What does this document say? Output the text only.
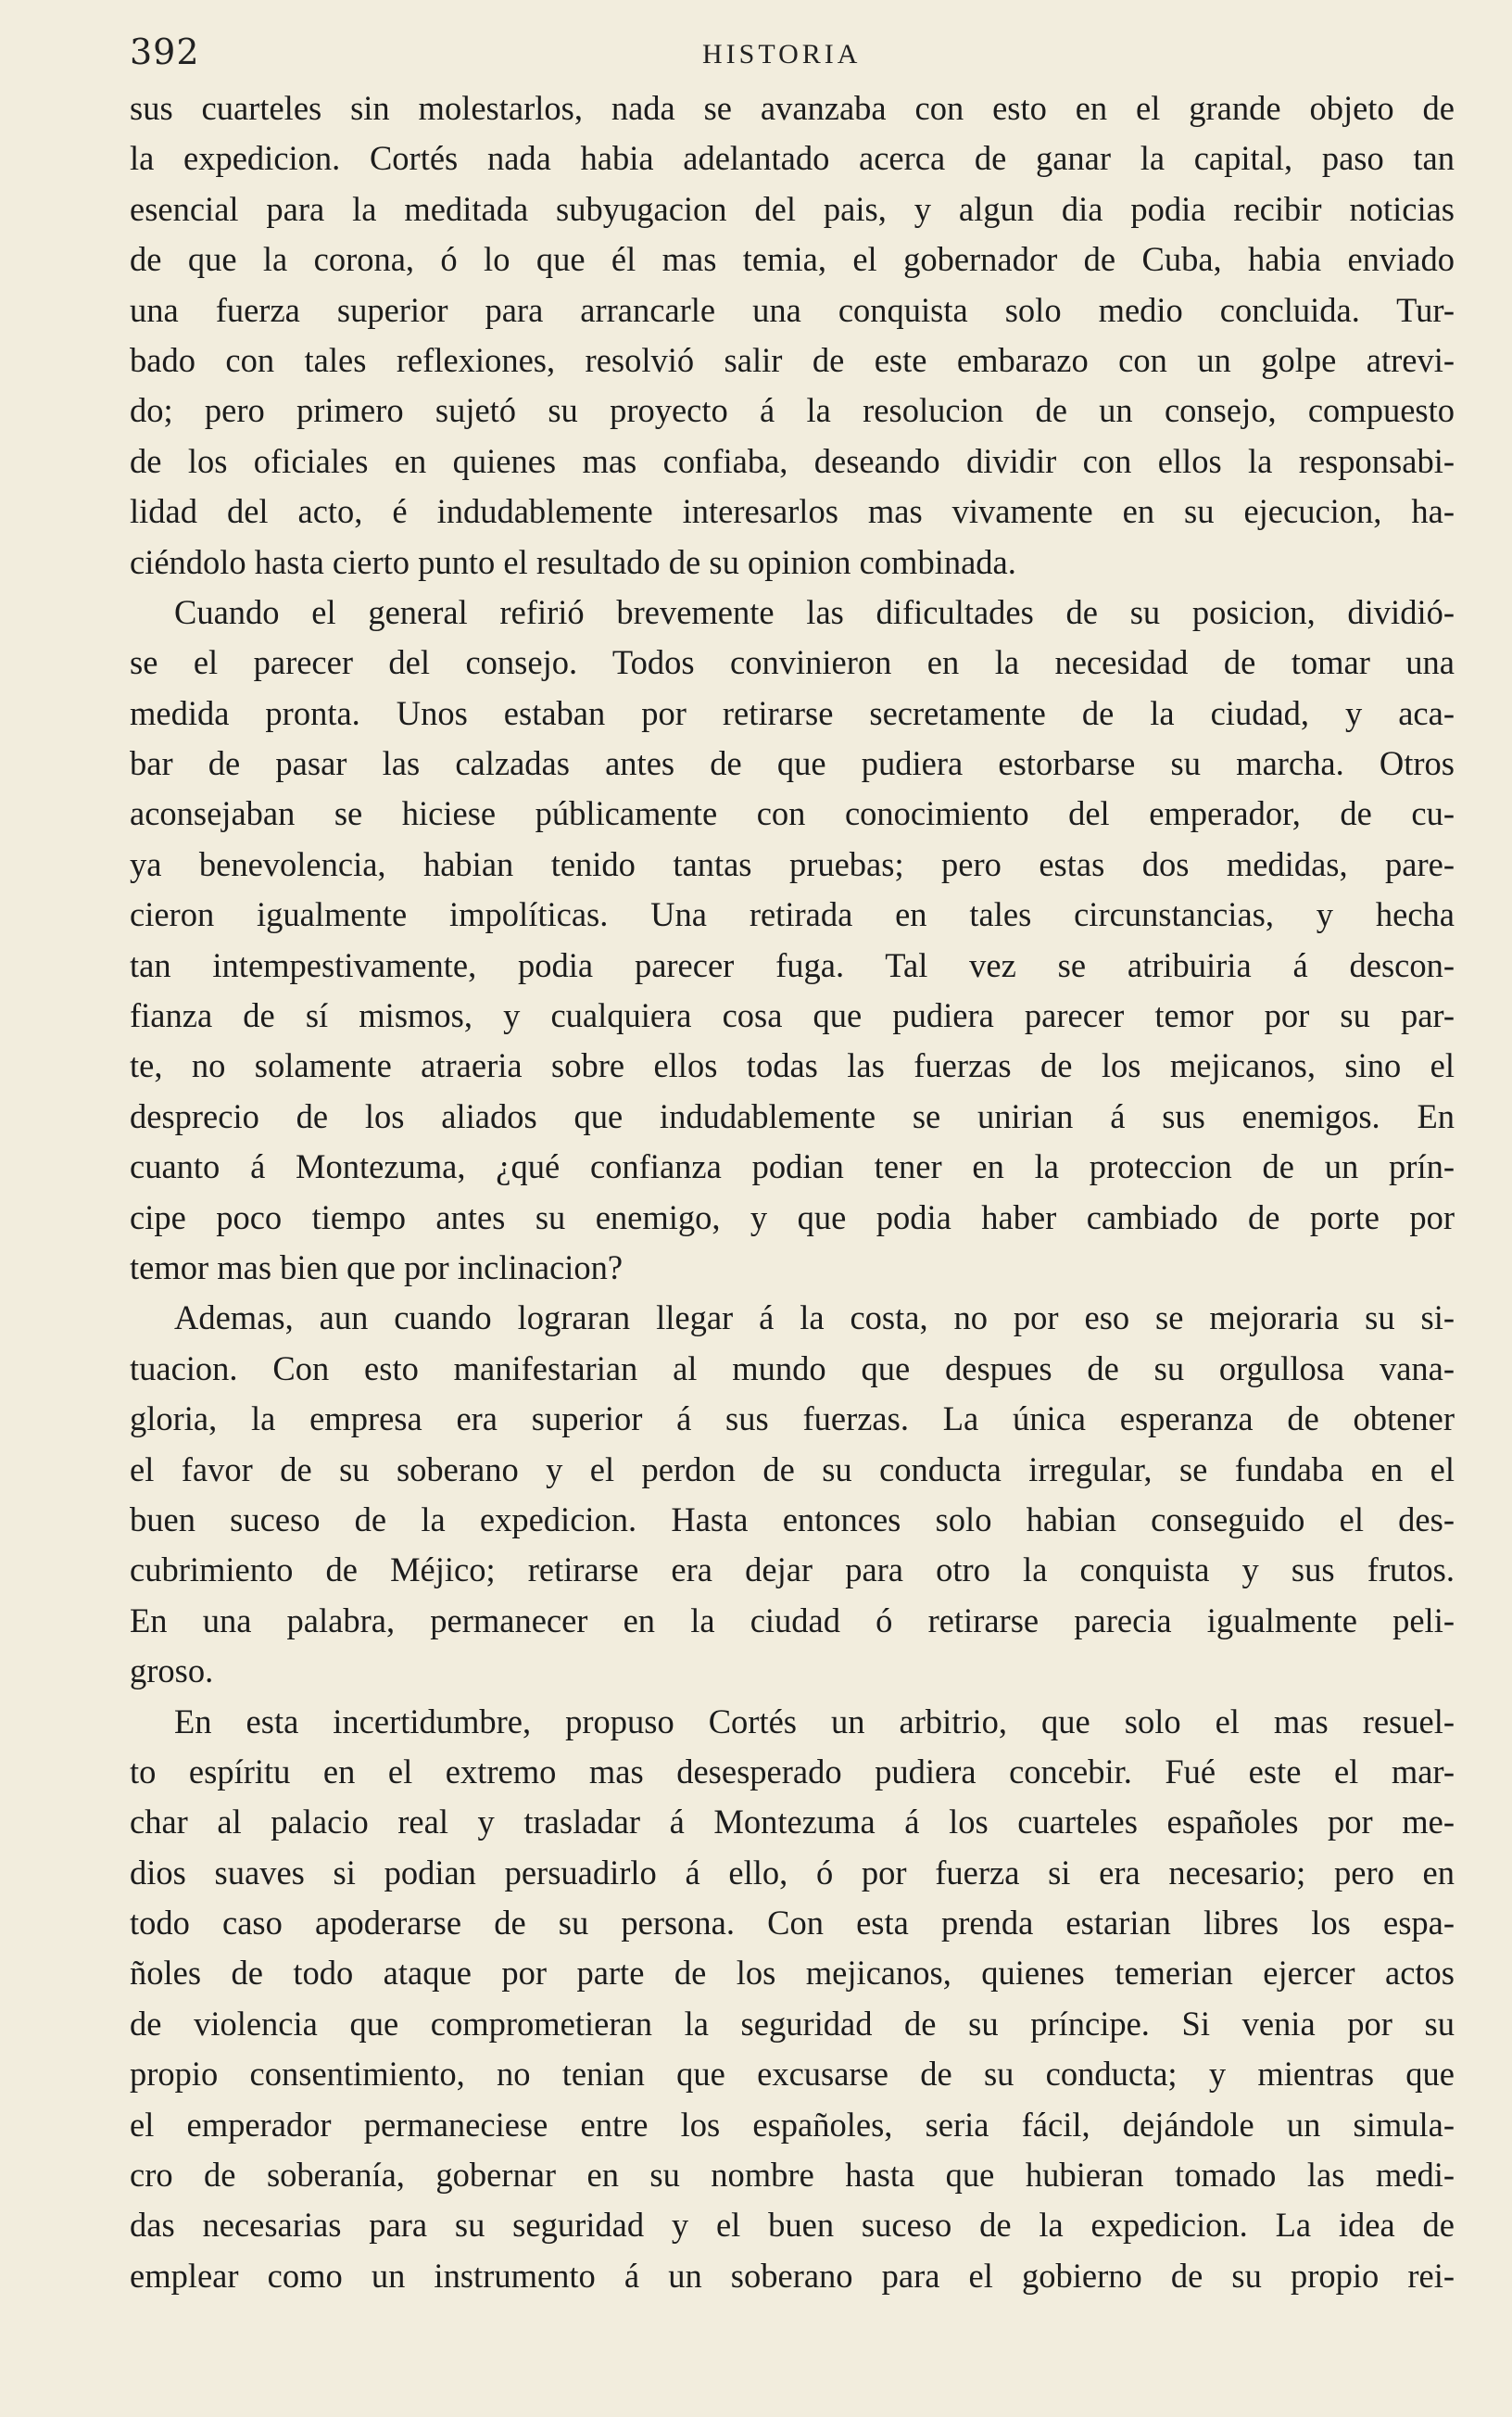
392	HISTORIA
sus cuarteles sin molestarlos, nada se avanzaba con esto en el grande objeto de
la expedicion. Cortés nada habia adelantado acerca de ganar la capital, paso tan
esencial para la meditada subyugacion del pais, y algun dia podia recibir noticias
de que la corona, ó lo que él mas temia, el gobernador de Cuba, habia enviado
una fuerza superior para arrancarle una conquista solo medio concluida. Tur-
bado con tales reflexiones, resolvió salir de este embarazo con un golpe atrevi-
do; pero primero sujetó su proyecto á la resolucion de un consejo, compuesto
de los oficiales en quienes mas confiaba, deseando dividir con ellos la responsabi-
lidad del acto, é indudablemente interesarlos mas vivamente en su ejecucion, ha-
ciéndolo hasta cierto punto el resultado de su opinion combinada.
Cuando el general refirió brevemente las dificultades de su posicion, dividió-
se el parecer del consejo. Todos convinieron en la necesidad de tomar una
medida pronta. Unos estaban por retirarse secretamente de la ciudad, y aca-
bar de pasar las calzadas antes de que pudiera estorbarse su marcha. Otros
aconsejaban se hiciese públicamente con conocimiento del emperador, de cu-
ya benevolencia, habian tenido tantas pruebas; pero estas dos medidas, pare-
cieron igualmente impolíticas. Una retirada en tales circunstancias, y hecha
tan intempestivamente, podia parecer fuga. Tal vez se atribuiria á descon-
fianza de sí mismos, y cualquiera cosa que pudiera parecer temor por su par-
te, no solamente atraeria sobre ellos todas las fuerzas de los mejicanos, sino el
desprecio de los aliados que indudablemente se unirian á sus enemigos. En
cuanto á Montezuma, ¿qué confianza podian tener en la proteccion de un prín-
cipe poco tiempo antes su enemigo, y que podia haber cambiado de porte por
temor mas bien que por inclinacion?
Ademas, aun cuando lograran llegar á la costa, no por eso se mejoraria su si-
tuacion. Con esto manifestarian al mundo que despues de su orgullosa vana-
gloria, la empresa era superior á sus fuerzas. La única esperanza de obtener
el favor de su soberano y el perdon de su conducta irregular, se fundaba en el
buen suceso de la expedicion. Hasta entonces solo habian conseguido el des-
cubrimiento de Méjico; retirarse era dejar para otro la conquista y sus frutos.
En una palabra, permanecer en la ciudad ó retirarse parecia igualmente peli-
groso.
En esta incertidumbre, propuso Cortés un arbitrio, que solo el mas resuel-
to espíritu en el extremo mas desesperado pudiera concebir. Fué este el mar-
char al palacio real y trasladar á Montezuma á los cuarteles españoles por me-
dios suaves si podian persuadirlo á ello, ó por fuerza si era necesario; pero en
todo caso apoderarse de su persona. Con esta prenda estarian libres los espa-
ñoles de todo ataque por parte de los mejicanos, quienes temerian ejercer actos
de violencia que comprometieran la seguridad de su príncipe. Si venia por su
propio consentimiento, no tenian que excusarse de su conducta; y mientras que
el emperador permaneciese entre los españoles, seria fácil, dejándole un simula-
cro de soberanía, gobernar en su nombre hasta que hubieran tomado las medi-
das necesarias para su seguridad y el buen suceso de la expedicion. La idea de
emplear como un instrumento á un soberano para el gobierno de su propio rei-
